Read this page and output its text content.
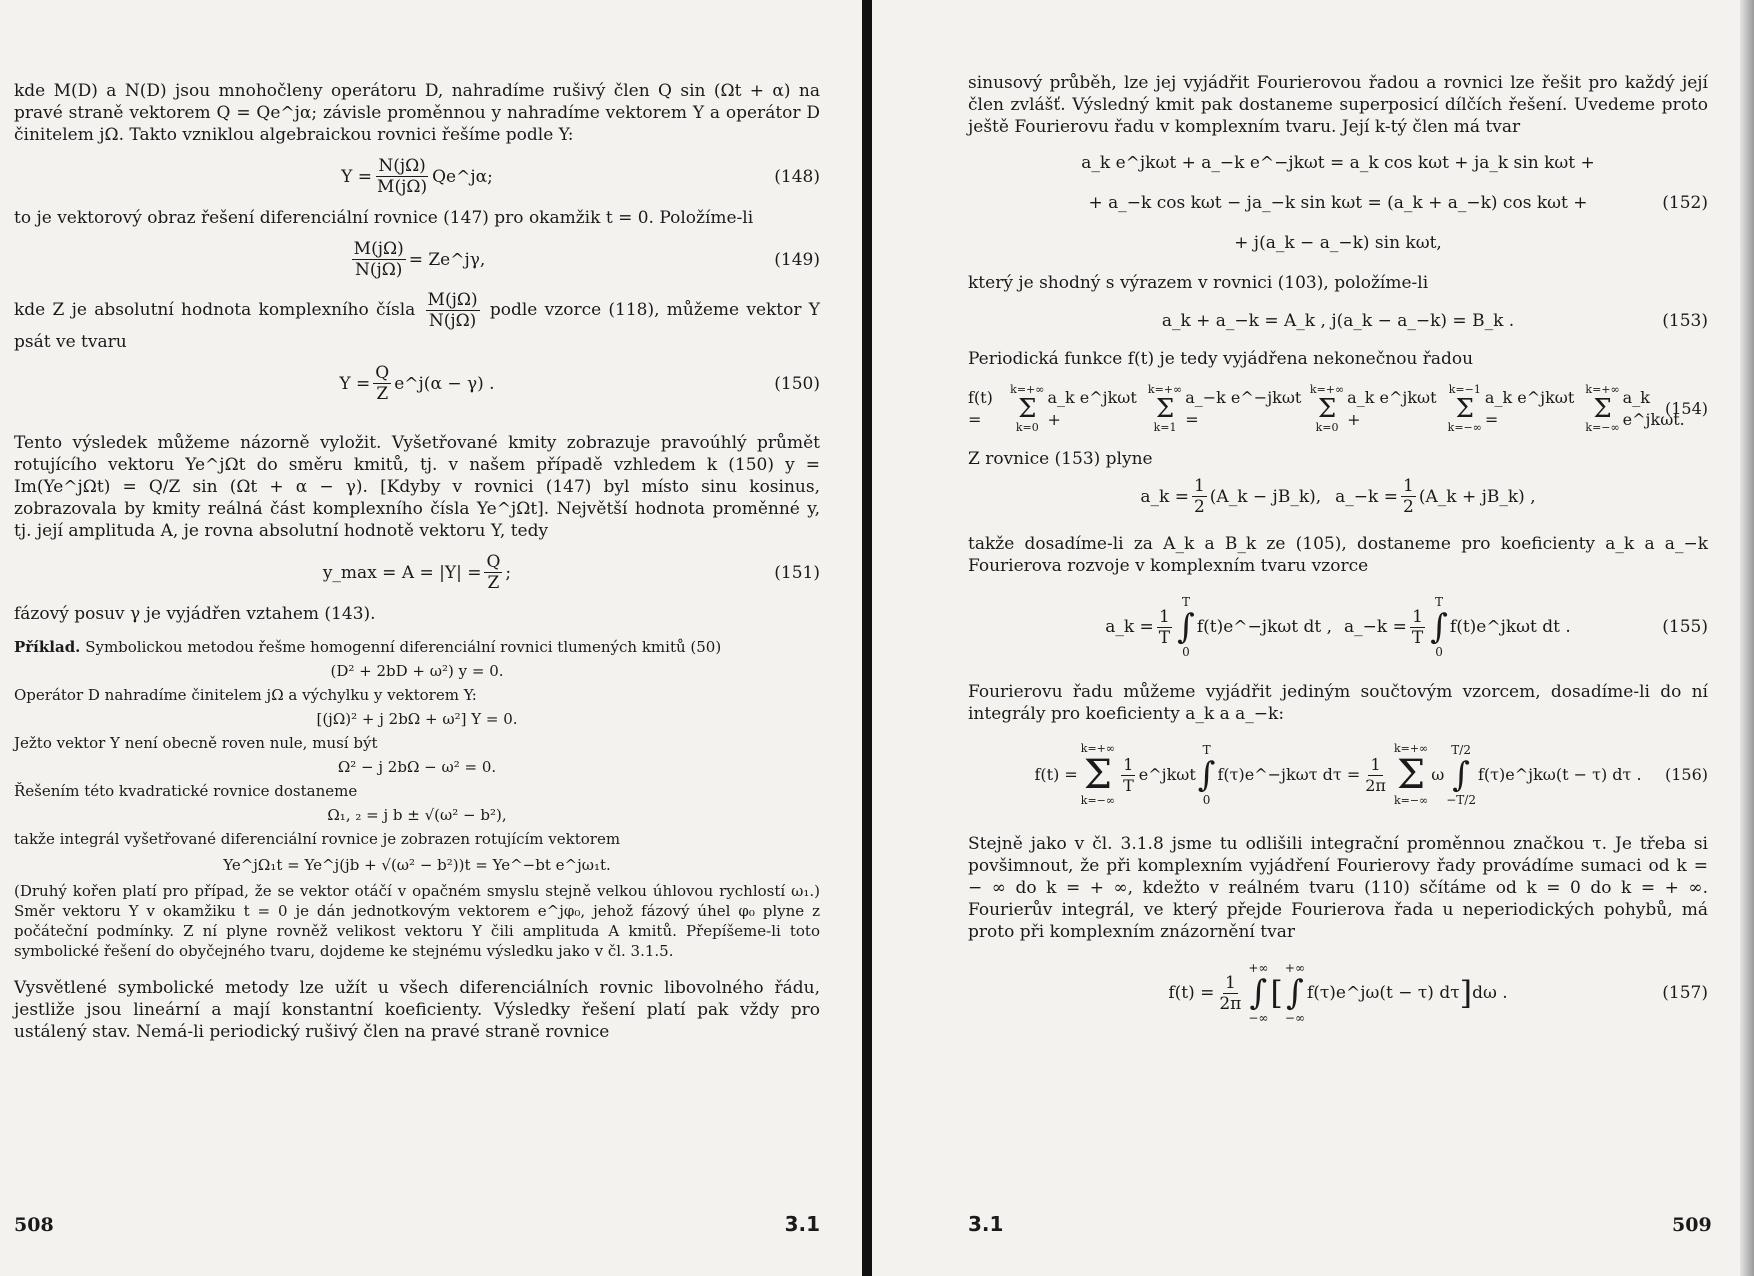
kde M(D) a N(D) jsou mnohočleny operátoru D, nahradíme rušivý člen Q sin (Ωt + α) na pravé straně vektorem Q = Qe^jα; závisle proměnnou y nahradíme vektorem Y a operátor D činitelem jΩ. Takto vzniklou algebraickou rovnici řešíme podle Y:

$Y = \frac{N(j\Omega)}{M(j\Omega)}$ Qe^jα;	(148)

to je vektorový obraz řešení diferenciální rovnice (147) pro okamžik t = 0. Položíme-li

$\frac{M(j\Omega)}{N(j\Omega)}$ = Ze^jγ,	(149)

kde Z je absolutní hodnota komplexního čísla $\frac{M(j\Omega)}{N(j\Omega)}$ podle vzorce (118), můžeme vektor Y psát ve tvaru

$Y = \frac{Q}{Z}$ e^j(α − γ) .	(150)

Tento výsledek můžeme názorně vyložit. Vyšetřované kmity zobrazuje pravoúhlý průmět rotujícího vektoru Ye^jΩt do směru kmitů, tj. v našem případě vzhledem k (150) y = Im(Ye^jΩt) = Q/Z sin (Ωt + α − γ). [Kdyby v rovnici (147) byl místo sinu kosinus, zobrazovala by kmity reálná část komplexního čísla Ye^jΩt]. Největší hodnota proměnné y, tj. její amplituda A, je rovna absolutní hodnotě vektoru Y, tedy

y_max = $A = |Y| = \frac{Q}{Z}$ ;	(151)

fázový posuv γ je vyjádřen vztahem (143).

Příklad. Symbolickou metodou řešme homogenní diferenciální rovnici tlumených kmitů (50)

(D² + 2bD + ω²) y = 0.

Operátor D nahradíme činitelem jΩ a výchylku y vektorem Y:

[(jΩ)² + j 2bΩ + ω²] Y = 0.

Ježto vektor Y není obecně roven nule, musí být

Ω² − j 2bΩ − ω² = 0.

Řešením této kvadratické rovnice dostaneme

Ω₁, ₂ = j b ± √(ω² − b²),

takže integrál vyšetřované diferenciální rovnice je zobrazen rotujícím vektorem

Ye^jΩ₁t = Ye^j(jb + √(ω² − b²))t = Ye^−bt e^jω₁t.

(Druhý kořen platí pro případ, že se vektor otáčí v opačném smyslu stejně velkou úhlovou rychlostí ω₁.) Směr vektoru Y v okamžiku t = 0 je dán jednotkovým vektorem e^jφ₀, jehož fázový úhel φ₀ plyne z počáteční podmínky. Z ní plyne rovněž velikost vektoru Y čili amplituda A kmitů. Přepíšeme-li toto symbolické řešení do obyčejného tvaru, dojdeme ke stejnému výsledku jako v čl. 3.1.5.

Vysvětlené symbolické metody lze užít u všech diferenciálních rovnic libovolného řádu, jestliže jsou lineární a mají konstantní koeficienty. Výsledky řešení platí pak vždy pro ustálený stav. Nemá-li periodický rušivý člen na pravé straně rovnice

508	3.1

sinusový průběh, lze jej vyjádřit Fourierovou řadou a rovnici lze řešit pro každý její člen zvlášť. Výsledný kmit pak dostaneme superposicí dílčích řešení. Uvedeme proto ještě Fourierovu řadu v komplexním tvaru. Její k-tý člen má tvar

a_k e^jkωt + a_−k e^−jkωt = a_k cos kωt + ja_k sin kωt +
+ a_−k cos kωt − ja_−k sin kωt = (a_k + a_−k) cos kωt +
+ j(a_k − a_−k) sin kωt,
(152)

který je shodný s výrazem v rovnici (103), položíme-li

a_k + a_−k = A_k , j(a_k − a_−k) = B_k .	(153)

Periodická funkce f(t) je tedy vyjádřena nekonečnou řadou

f(t) =
k=+∞
Σ
k=0
a_k e^jkωt +
k=+∞
Σ
k=1
a_−k e^−jkωt =
k=+∞
Σ
k=0
a_k e^jkωt +
k=−1
Σ
k=−∞
a_k e^jkωt =
k=+∞
Σ
k=−∞
a_k e^jkωt.
(154)

Z rovnice (153) plyne

a_k = $\frac{1}{2}$ (A_k − jB_k), a_−k = $\frac{1}{2}$ (A_k + jB_k) ,

takže dosadíme-li za A_k a B_k ze (105), dostaneme pro koeficienty a_k a a_−k Fourierova rozvoje v komplexním tvaru vzorce

a_k = $\frac{1}{T}$
T
∫
0
f(t)e^−jkωt dt , a_−k = $\frac{1}{T}$
T
∫
0
f(t)e^jkωt dt .	(155)

Fourierovu řadu můžeme vyjádřit jediným součtovým vzorcem, dosadíme-li do ní integrály pro koeficienty a_k a a_−k:

f(t) =
k=+∞
Σ
k=−∞
$\frac{1}{T}$ e^jkωt
T
∫
0
f(τ)e^−jkωτ $d\tau = \frac{1}{2\pi}$
k=+∞
Σ
k=−∞
ω
T/2
∫
−T/2
f(τ)e^jkω(t − τ) dτ . (156)

Stejně jako v čl. 3.1.8 jsme tu odlišili integrační proměnnou značkou τ. Je třeba si povšimnout, že při komplexním vyjádření Fourierovy řady provádíme sumaci od k = − ∞ do k = + ∞, kdežto v reálném tvaru (110) sčítáme od k = 0 do k = + ∞. Fourierův integrál, ve který přejde Fourierova řada u neperiodických pohybů, má proto při komplexním znázornění tvar

$f(t) = \frac{1}{2\pi}$
+∞
∫
−∞
[
+∞
∫
−∞
f(τ)e^jω(t − τ) dτ ] dω .	(157)
3.1	509
